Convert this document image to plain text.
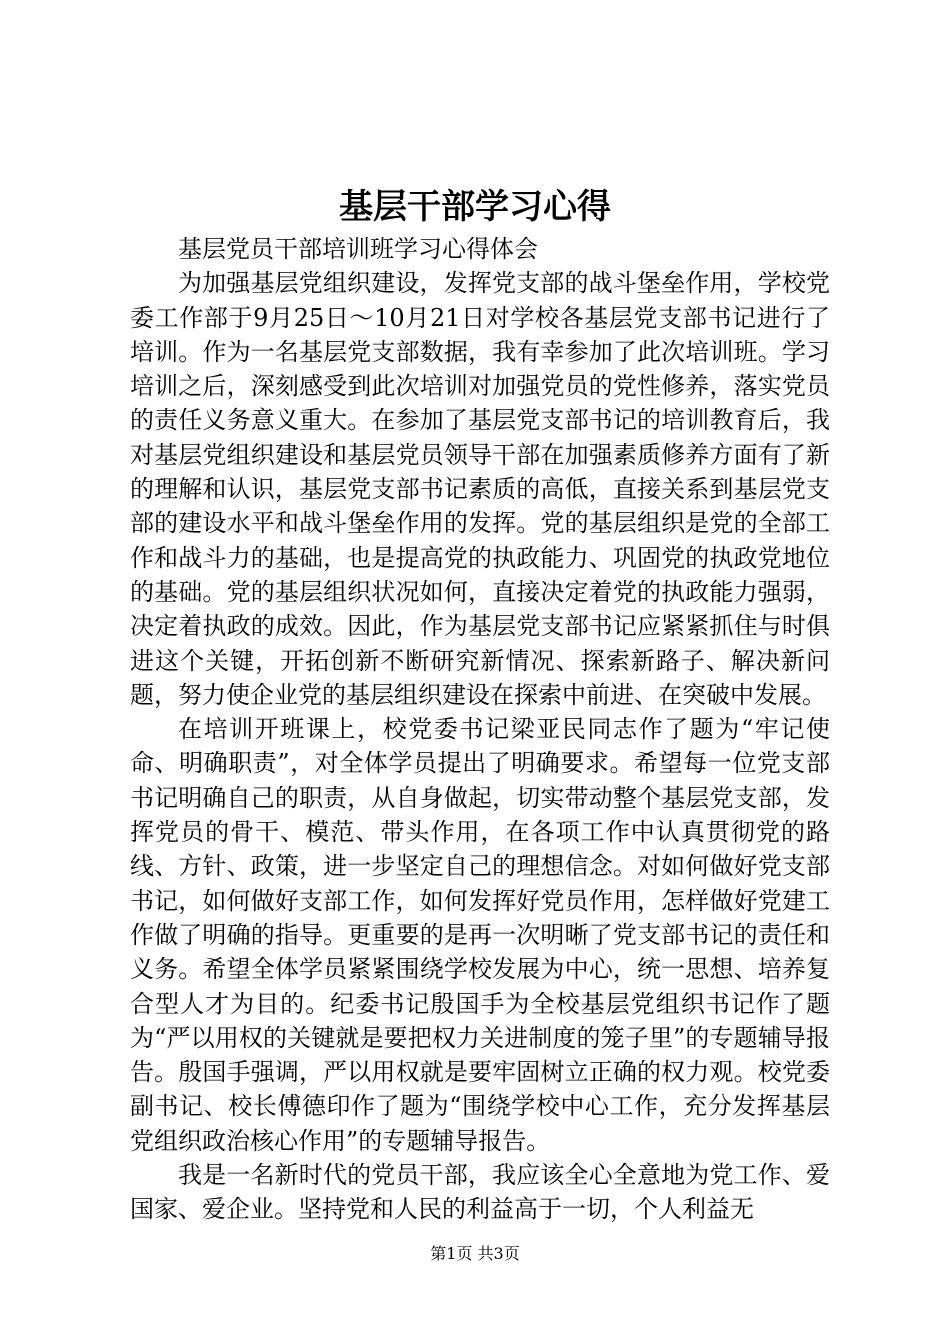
基层干部学习心得

基层党员干部培训班学习心得体会

为加强基层党组织建设，发挥党支部的战斗堡垒作用，学校党委工作部于9月25日～10月21日对学校各基层党支部书记进行了培训。作为一名基层党支部数据，我有幸参加了此次培训班。学习培训之后，深刻感受到此次培训对加强党员的党性修养，落实党员的责任义务意义重大。在参加了基层党支部书记的培训教育后，我对基层党组织建设和基层党员领导干部在加强素质修养方面有了新的理解和认识，基层党支部书记素质的高低，直接关系到基层党支部的建设水平和战斗堡垒作用的发挥。党的基层组织是党的全部工作和战斗力的基础，也是提高党的执政能力、巩固党的执政党地位的基础。党的基层组织状况如何，直接决定着党的执政能力强弱，决定着执政的成效。因此，作为基层党支部书记应紧紧抓住与时俱进这个关键，开拓创新不断研究新情况、探索新路子、解决新问题，努力使企业党的基层组织建设在探索中前进、在突破中发展。

在培训开班课上，校党委书记梁亚民同志作了题为“牢记使命、明确职责”，对全体学员提出了明确要求。希望每一位党支部书记明确自己的职责，从自身做起，切实带动整个基层党支部，发挥党员的骨干、模范、带头作用，在各项工作中认真贯彻党的路线、方针、政策，进一步坚定自己的理想信念。对如何做好党支部书记，如何做好支部工作，如何发挥好党员作用，怎样做好党建工作做了明确的指导。更重要的是再一次明晰了党支部书记的责任和义务。希望全体学员紧紧围绕学校发展为中心，统一思想、培养复合型人才为目的。纪委书记殷国手为全校基层党组织书记作了题为“严以用权的关键就是要把权力关进制度的笼子里”的专题辅导报告。殷国手强调，严以用权就是要牢固树立正确的权力观。校党委副书记、校长傅德印作了题为“围绕学校中心工作，充分发挥基层党组织政治核心作用”的专题辅导报告。

我是一名新时代的党员干部，我应该全心全意地为党工作、爱国家、爱企业。坚持党和人民的利益高于一切，个人利益无

第1页 共3页
